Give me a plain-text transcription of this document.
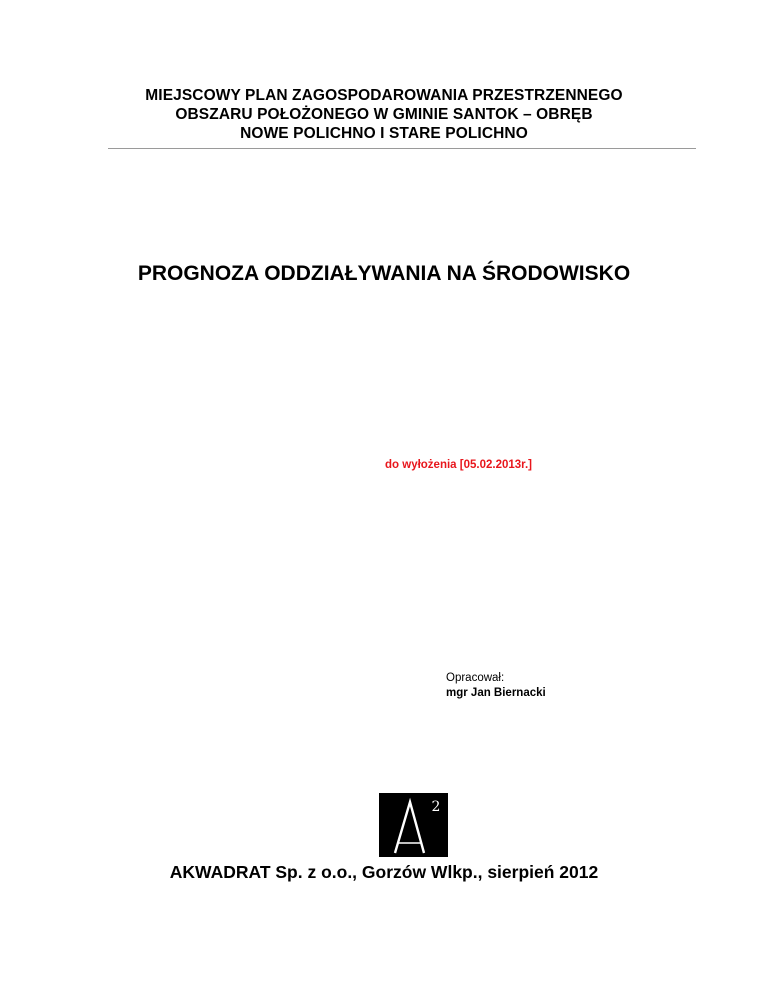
MIEJSCOWY PLAN ZAGOSPODAROWANIA PRZESTRZENNEGO
OBSZARU POŁOŻONEGO W GMINIE SANTOK – OBRĘB
NOWE POLICHNO I STARE POLICHNO
PROGNOZA ODDZIAŁYWANIA NA ŚRODOWISKO
do wyłożenia [05.02.2013r.]
Opracował:
mgr Jan Biernacki
2
AKWADRAT Sp. z o.o., Gorzów Wlkp., sierpień 2012
